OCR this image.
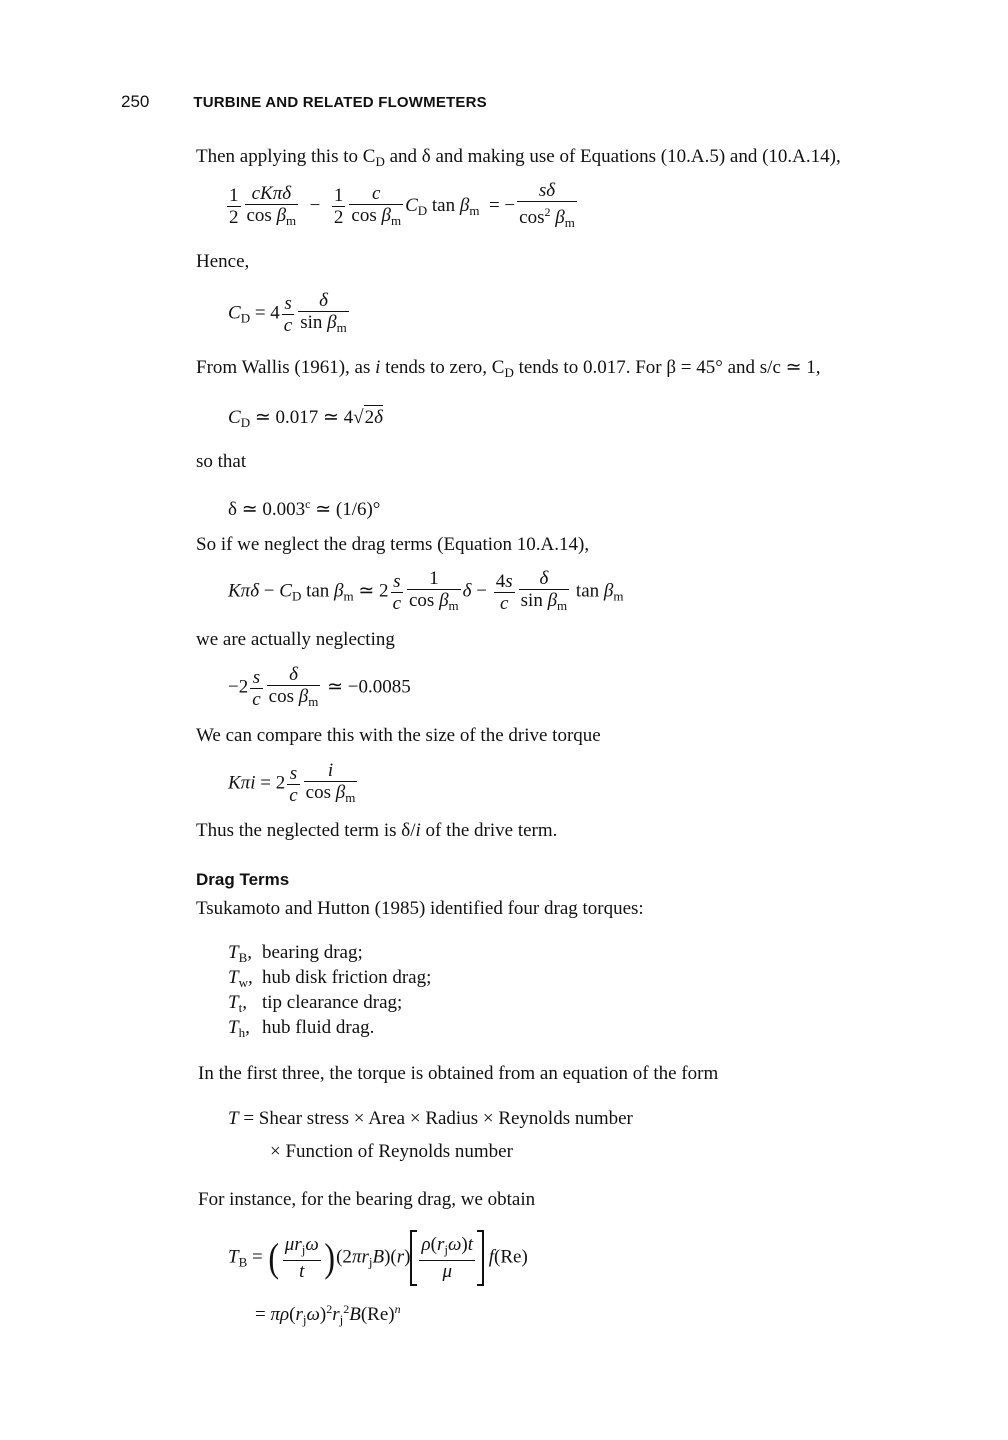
250	TURBINE AND RELATED FLOWMETERS
Then applying this to $C_D$ and δ and making use of Equations (10.A.5) and (10.A.14),
$\frac{1}{2} \frac{\text{cKπδ}}{\cos \beta_m} - \frac{1}{2} \frac{c}{\cos \beta_m} C_D$ $\tan \beta_m$  = − $\frac{s\delta}{\cos^2 \beta_m}$
Hence,
$C_D = 4 \frac{s}{c} \frac{\delta}{\sin \beta_m}$
From Wallis (1961), as i tends to zero, $C_D$ tends to 0.017. For β = 45° and s/c ≃ 1,
$C_D$ ≃ 0.017 ≃ 4√2δ
so that
δ ≃ 0.003$^c$ ≃ (1/6)°
So if we neglect the drag terms (Equation 10.A.14),
$K\pi\delta - C_D$ $\tan \beta_m$ ≃ $2 \frac{s}{c} \frac{1}{\cos \beta_m}$ $\delta - \frac{4s}{c} \frac{\delta}{\sin \beta_m}$ $\tan \beta_m$
we are actually neglecting
$-2 \frac{s}{c} \frac{\delta}{\cos \beta_m}$ ≃ −0.0085
We can compare this with the size of the drive torque
$K\pi i = 2 \frac{s}{c} \frac{i}{\cos \beta_m}$
Thus the neglected term is δ/i of the drive term.
Drag Terms
Tsukamoto and Hutton (1985) identified four drag torques:
$T_B$, bearing drag;
$T_w$, hub disk friction drag;
$T_t$, tip clearance drag;
$T_h$, hub fluid drag.
In the first three, the torque is obtained from an equation of the form
T = Shear stress × Area × Radius × Reynolds number
× Function of Reynolds number
For instance, for the bearing drag, we obtain
$T_B$ = ( $\frac{\mu r_j\omega}{t} )(2\pi r_jB)(r) \frac{\rho(r_j\omega)t}{\mu} f(Re)$
= $\pi\rho(r_j\omega)^2r_j^2B(Re)^n$
